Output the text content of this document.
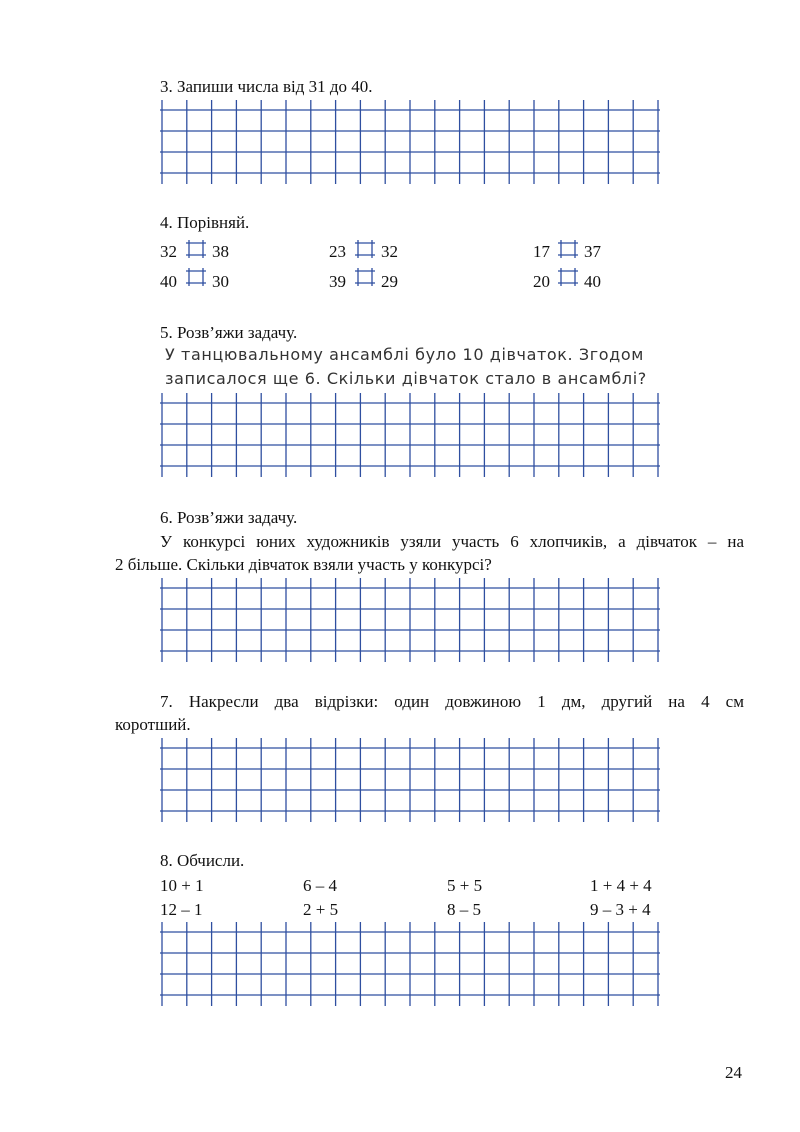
3. Запиши числа від 31 до 40.
4. Порівняй.
32 38	23 32	17 37
40 30	39 29	20 40
5. Розв’яжи задачу.
У танцювальному ансамблі було 10 дівчаток. Згодом
записалося ще 6. Скільки дівчаток стало в ансамблі?
6. Розв’яжи задачу.
У конкурсі юних художників узяли участь 6 хлопчиків, а дівчаток – на
2 більше. Скільки дівчаток взяли участь у конкурсі?
7. Накресли два відрізки: один довжиною 1 дм, другий на 4 см
коротший.
8. Обчисли.
10 + 1	6 – 4	5 + 5	1 + 4 + 4
12 – 1	2 + 5	8 – 5	9 – 3 + 4
24
